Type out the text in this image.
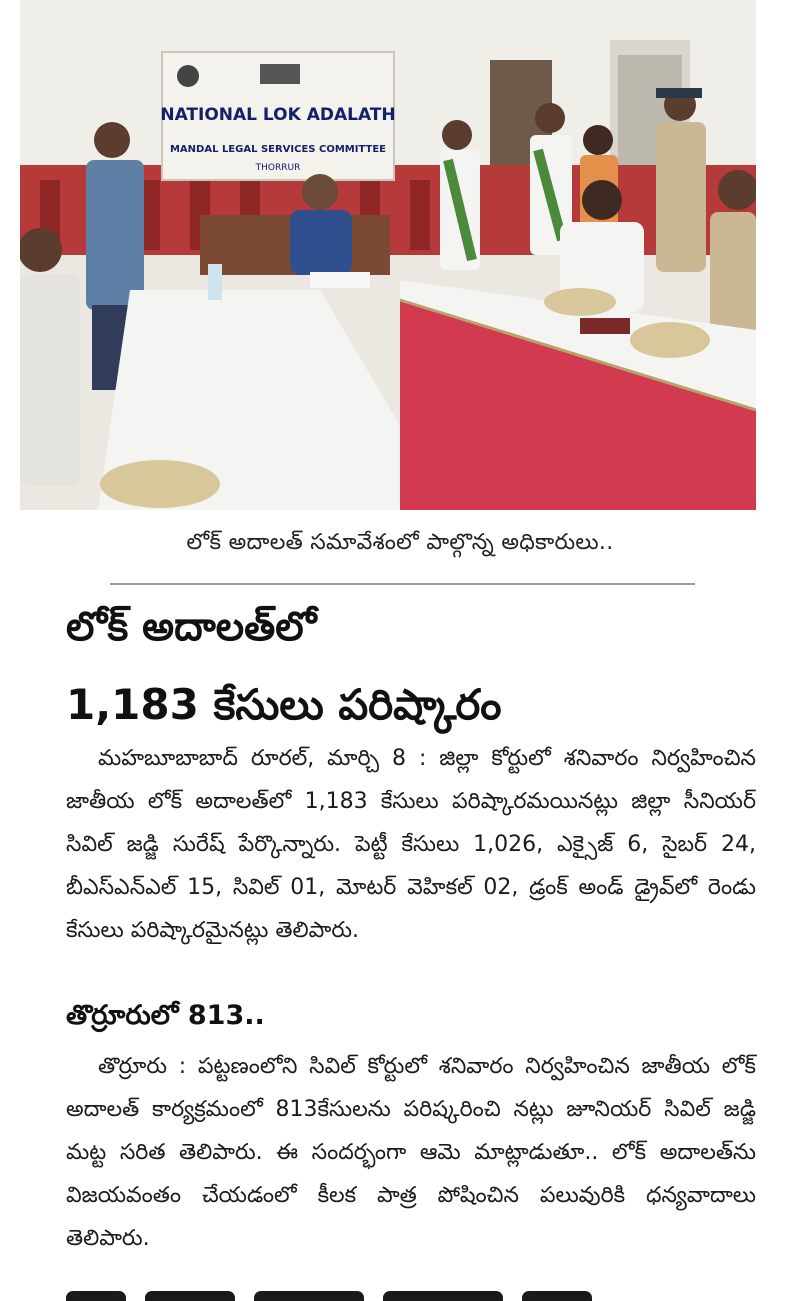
NATIONAL LOK ADALATH
MANDAL LEGAL SERVICES COMMITTEE
THORRUR
లోక్ అదాలత్ సమావేశంలో పాల్గొన్న అధికారులు..
లోక్ అదాలత్‌లో
1,183 కేసులు పరిష్కారం
మహబూబాబాద్ రూరల్, మార్చి 8 : జిల్లా కోర్టులో శనివారం నిర్వహించిన జాతీయ లోక్ అదాలత్‌లో 1,183 కేసులు పరిష్కారమయినట్లు జిల్లా సీనియర్ సివిల్ జడ్జి సురేష్ పేర్కొన్నారు. పెట్టీ కేసులు 1,026, ఎక్సైజ్ 6, సైబర్ 24, బీఎస్ఎన్ఎల్ 15, సివిల్ 01, మోటర్ వెహికల్ 02, డ్రంక్ అండ్ డ్రైవ్‌లో రెండు కేసులు పరిష్కారమైనట్లు తెలిపారు.
తొర్రూరులో 813..
తొర్రూరు : పట్టణంలోని సివిల్ కోర్టులో శనివారం నిర్వహించిన జాతీయ లోక్ అదాలత్ కార్యక్రమంలో 813కేసులను పరిష్కరించి నట్లు జూనియర్ సివిల్ జడ్జి మట్ట సరిత తెలిపారు. ఈ సందర్భంగా ఆమె మాట్లాడుతూ.. లోక్ అదాలత్‌ను విజయవంతం చేయడంలో కీలక పాత్ర పోషించిన పలువురికి ధన్యవాదాలు తెలిపారు.
